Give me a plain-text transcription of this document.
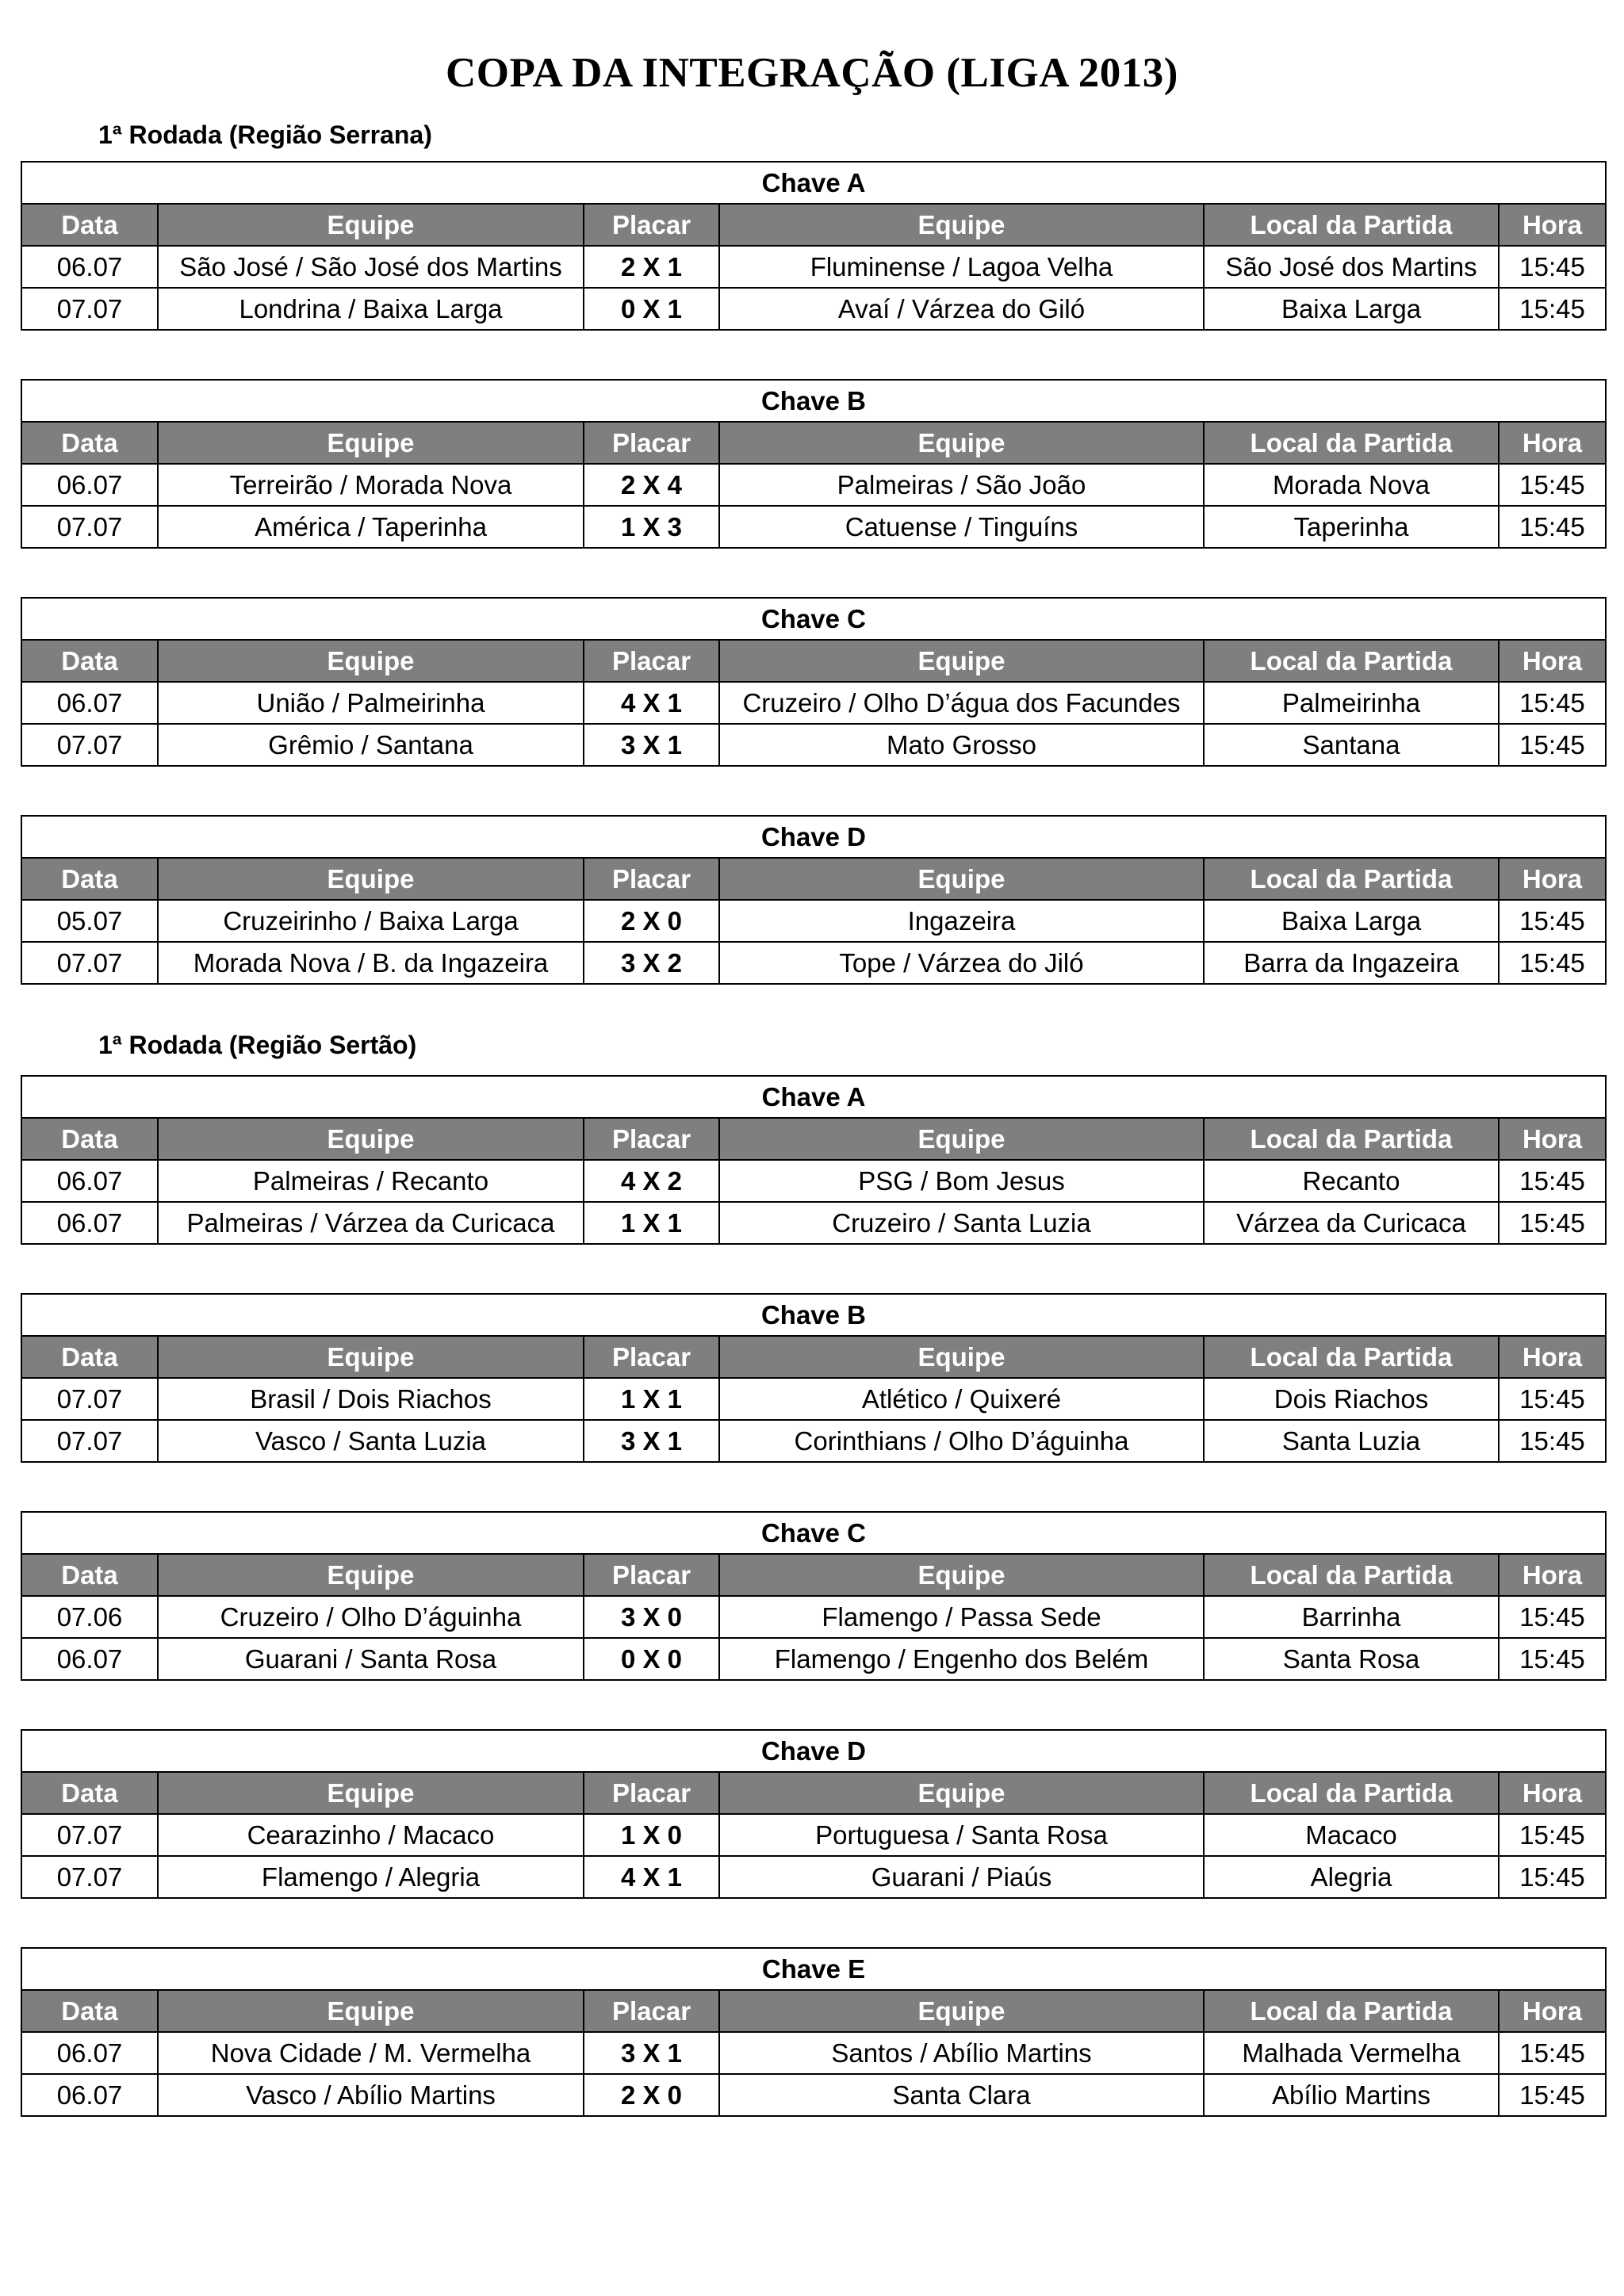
COPA DA INTEGRAÇÃO (LIGA 2013)
1ª Rodada (Região Serrana)
Chave A					
Data	Equipe	Placar	Equipe	Local da Partida	Hora
06.07	São José / São José dos Martins	2 X 1	Fluminense / Lagoa Velha	São José dos Martins	15:45
07.07	Londrina / Baixa Larga	0 X 1	Avaí / Várzea do Giló	Baixa Larga	15:45
Chave B					
Data	Equipe	Placar	Equipe	Local da Partida	Hora
06.07	Terreirão / Morada Nova	2 X 4	Palmeiras / São João	Morada Nova	15:45
07.07	América / Taperinha	1 X 3	Catuense / Tinguíns	Taperinha	15:45
Chave C					
Data	Equipe	Placar	Equipe	Local da Partida	Hora
06.07	União / Palmeirinha	4 X 1	Cruzeiro / Olho D’água dos Facundes	Palmeirinha	15:45
07.07	Grêmio / Santana	3 X 1	Mato Grosso	Santana	15:45
Chave D					
Data	Equipe	Placar	Equipe	Local da Partida	Hora
05.07	Cruzeirinho / Baixa Larga	2 X 0	Ingazeira	Baixa Larga	15:45
07.07	Morada Nova / B. da Ingazeira	3 X 2	Tope / Várzea do Jiló	Barra da Ingazeira	15:45
1ª Rodada (Região Sertão)
Chave A					
Data	Equipe	Placar	Equipe	Local da Partida	Hora
06.07	Palmeiras / Recanto	4 X 2	PSG / Bom Jesus	Recanto	15:45
06.07	Palmeiras / Várzea da Curicaca	1 X 1	Cruzeiro / Santa Luzia	Várzea da Curicaca	15:45
Chave B					
Data	Equipe	Placar	Equipe	Local da Partida	Hora
07.07	Brasil / Dois Riachos	1 X 1	Atlético / Quixeré	Dois Riachos	15:45
07.07	Vasco / Santa Luzia	3 X 1	Corinthians / Olho D’águinha	Santa Luzia	15:45
Chave C					
Data	Equipe	Placar	Equipe	Local da Partida	Hora
07.06	Cruzeiro / Olho D’águinha	3 X 0	Flamengo / Passa Sede	Barrinha	15:45
06.07	Guarani / Santa Rosa	0 X 0	Flamengo / Engenho dos Belém	Santa Rosa	15:45
Chave D					
Data	Equipe	Placar	Equipe	Local da Partida	Hora
07.07	Cearazinho / Macaco	1 X 0	Portuguesa / Santa Rosa	Macaco	15:45
07.07	Flamengo / Alegria	4 X 1	Guarani / Piaús	Alegria	15:45
Chave E					
Data	Equipe	Placar	Equipe	Local da Partida	Hora
06.07	Nova Cidade / M. Vermelha	3 X 1	Santos / Abílio Martins	Malhada Vermelha	15:45
06.07	Vasco / Abílio Martins	2 X 0	Santa Clara	Abílio Martins	15:45
